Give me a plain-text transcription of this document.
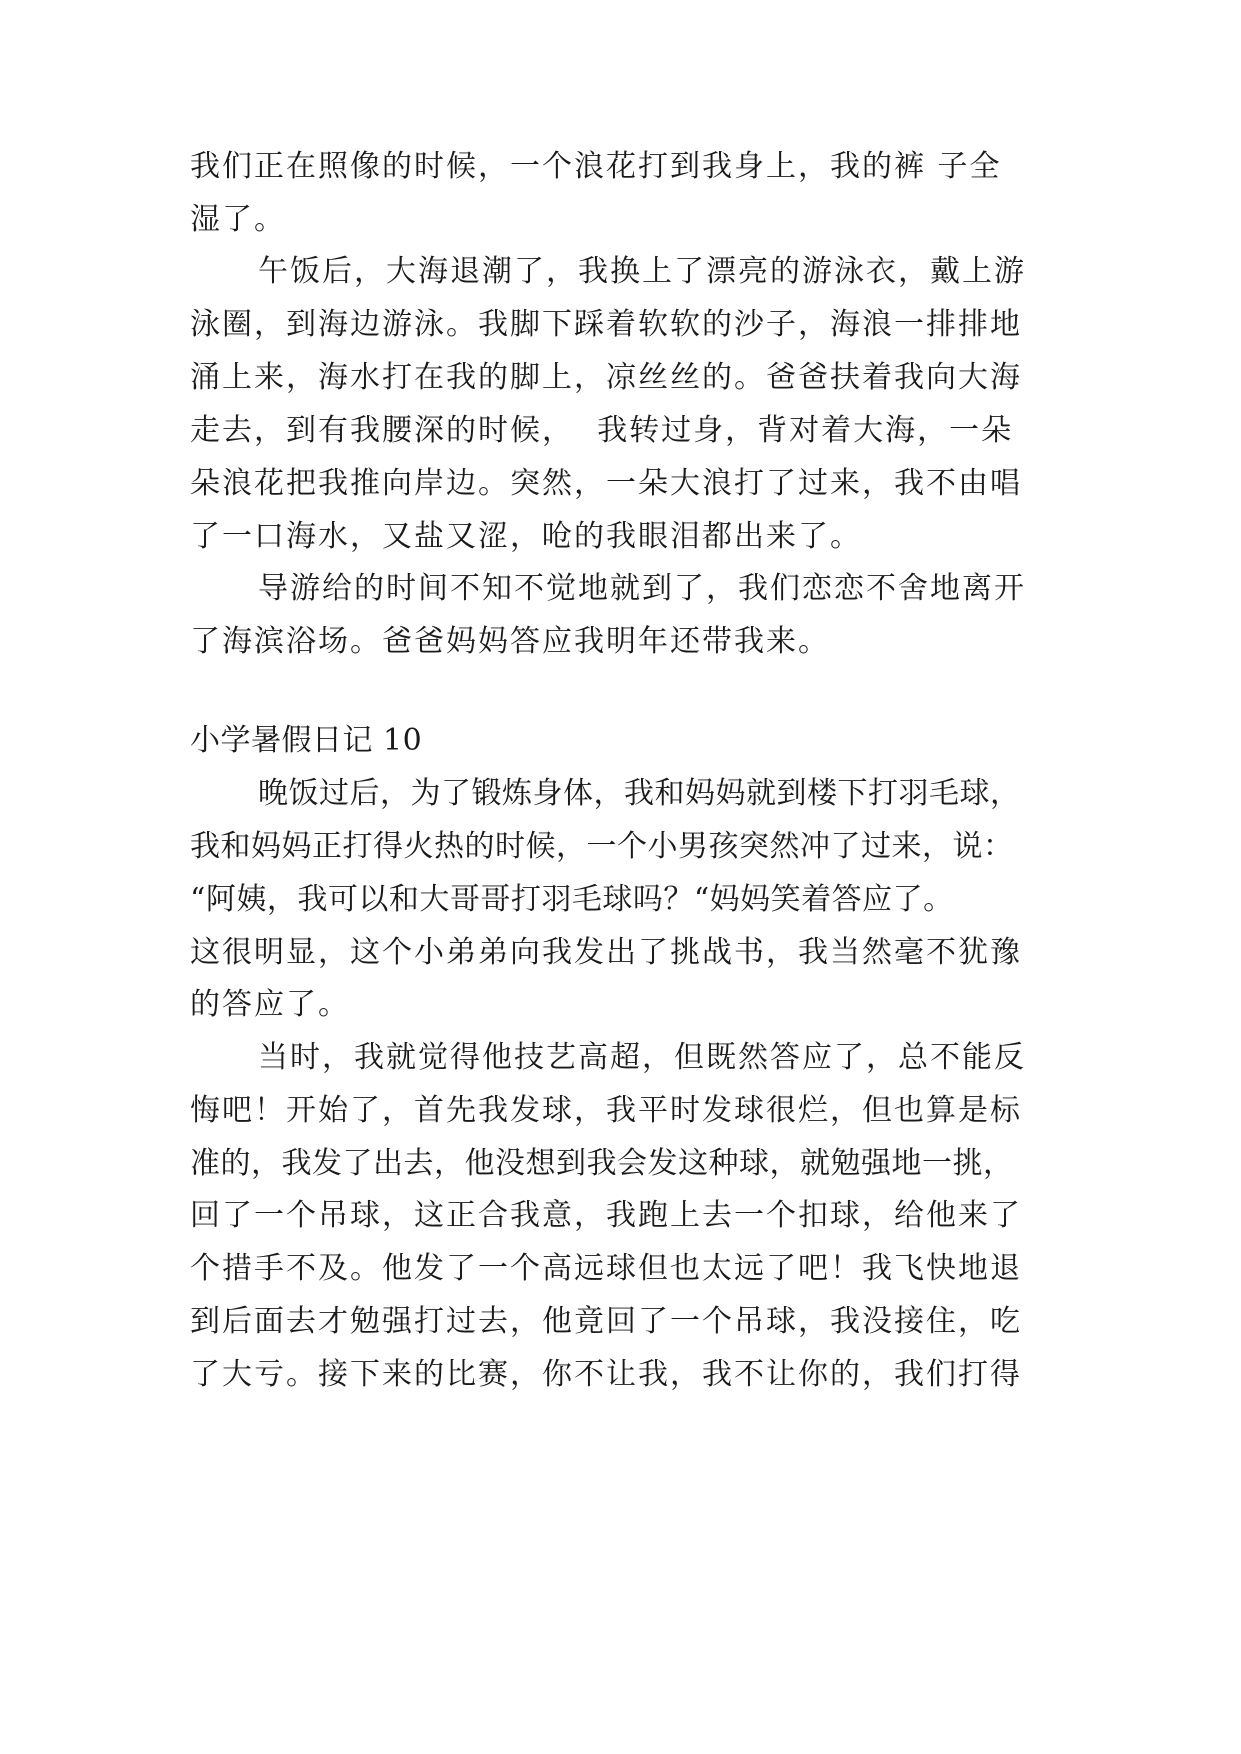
我们正在照像的时候，一个浪花打到我身上，我的裤 子全
湿了。
午饭后，大海退潮了，我换上了漂亮的游泳衣，戴上游
泳圈，到海边游泳。我脚下踩着软软的沙子，海浪一排排地
涌上来，海水打在我的脚上，凉丝丝的。爸爸扶着我向大海
走去，到有我腰深的时候，  我转过身，背对着大海，一朵
朵浪花把我推向岸边。突然，一朵大浪打了过来，我不由唱
了一口海水，又盐又涩，呛的我眼泪都出来了。
导游给的时间不知不觉地就到了，我们恋恋不舍地离开
了海滨浴场。爸爸妈妈答应我明年还带我来。
小学暑假日记 10
晚饭过后，为了锻炼身体，我和妈妈就到楼下打羽毛球，
我和妈妈正打得火热的时候，一个小男孩突然冲了过来，说：
“阿姨，我可以和大哥哥打羽毛球吗？“妈妈笑着答应了。
这很明显，这个小弟弟向我发出了挑战书，我当然毫不犹豫
的答应了。
当时，我就觉得他技艺高超，但既然答应了，总不能反
悔吧！开始了，首先我发球，我平时发球很烂，但也算是标
准的，我发了出去，他没想到我会发这种球，就勉强地一挑，
回了一个吊球，这正合我意，我跑上去一个扣球，给他来了
个措手不及。他发了一个高远球但也太远了吧！我飞快地退
到后面去才勉强打过去，他竟回了一个吊球，我没接住，吃
了大亏。接下来的比赛，你不让我，我不让你的，我们打得
